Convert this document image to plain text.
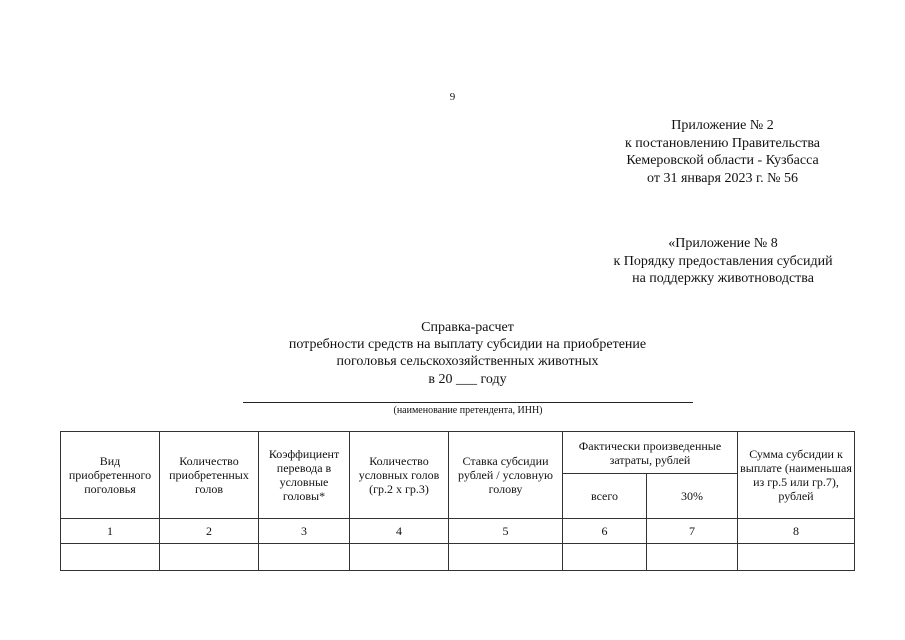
9
Приложение № 2
к постановлению Правительства
Кемеровской области - Кузбасса
от 31 января 2023 г. № 56
«Приложение № 8
к Порядку предоставления субсидий
на поддержку животноводства
Справка-расчет
потребности средств на выплату субсидии на приобретение
поголовья сельскохозяйственных животных
в 20 ___ году
(наименование претендента, ИНН)
Вид приобретенного поголовья	Количество приобретенных голов	Коэффициент перевода в условные головы*	Количество условных голов (гр.2 x гр.3)	Ставка субсидии рублей / условную голову	Фактически произведенные затраты, рублей		Сумма субсидии к выплате (наименьшая из гр.5 или гр.7), рублей
					всего	30%	
1	2	3	4	5	6	7	8
